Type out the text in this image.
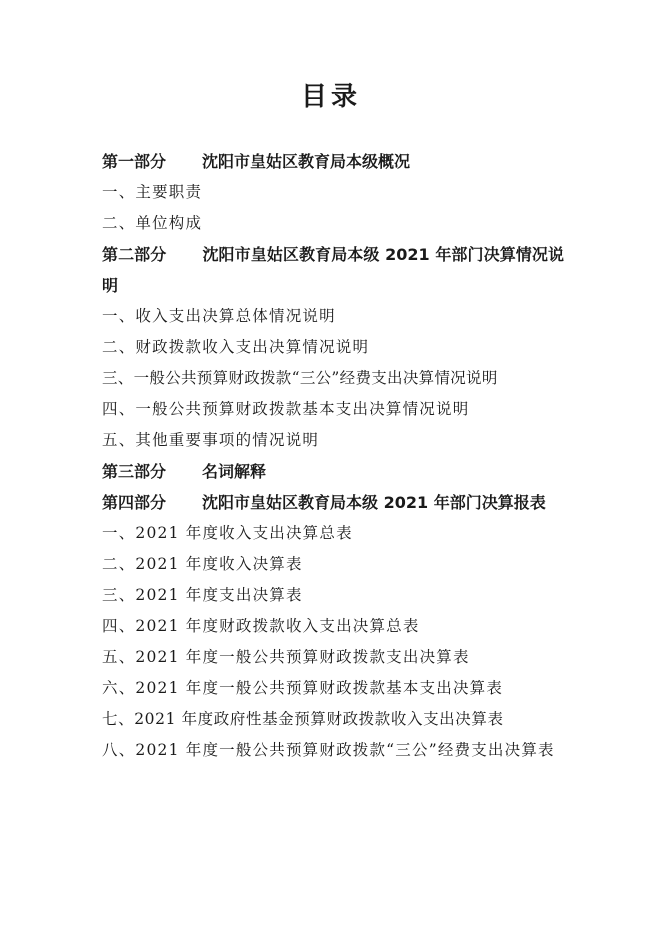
目录
第一部分 沈阳市皇姑区教育局本级概况
一、主要职责
二、单位构成
第二部分 沈阳市皇姑区教育局本级 2021 年部门决算情况说明
一、收入支出决算总体情况说明
二、财政拨款收入支出决算情况说明
三、一般公共预算财政拨款“三公”经费支出决算情况说明
四、一般公共预算财政拨款基本支出决算情况说明
五、其他重要事项的情况说明
第三部分 名词解释
第四部分 沈阳市皇姑区教育局本级 2021 年部门决算报表
一、2021 年度收入支出决算总表
二、2021 年度收入决算表
三、2021 年度支出决算表
四、2021 年度财政拨款收入支出决算总表
五、2021 年度一般公共预算财政拨款支出决算表
六、2021 年度一般公共预算财政拨款基本支出决算表
七、2021 年度政府性基金预算财政拨款收入支出决算表
八、2021 年度一般公共预算财政拨款“三公”经费支出决算表
